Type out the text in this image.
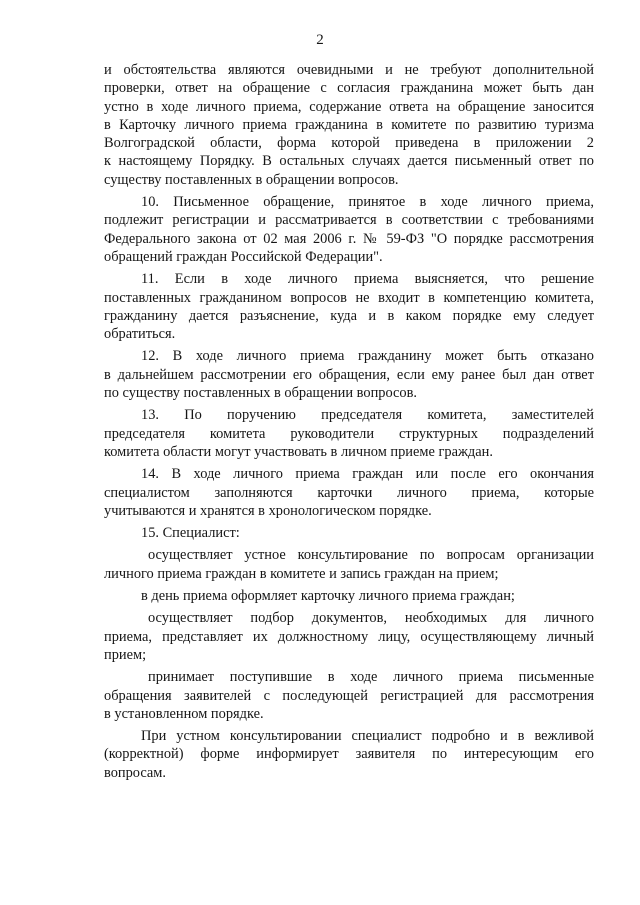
2
и обстоятельства являются очевидными и не требуют дополнительной
проверки, ответ на обращение с согласия гражданина может быть дан
устно в ходе личного приема, содержание ответа на обращение заносится
в Карточку личного приема гражданина в комитете по развитию туризма
Волгоградской области, форма которой приведена в приложении 2
к настоящему Порядку. В остальных случаях дается письменный ответ по
существу поставленных в обращении вопросов.
10. Письменное обращение, принятое в ходе личного приема,
подлежит регистрации и рассматривается в соответствии с требованиями
Федерального закона от 02 мая 2006 г. № 59-ФЗ "О порядке рассмотрения
обращений граждан Российской Федерации".
11. Если в ходе личного приема выясняется, что решение
поставленных гражданином вопросов не входит в компетенцию комитета,
гражданину дается разъяснение, куда и в каком порядке ему следует
обратиться.
12. В ходе личного приема гражданину может быть отказано
в дальнейшем рассмотрении его обращения, если ему ранее был дан ответ
по существу поставленных в обращении вопросов.
13. По поручению председателя комитета, заместителей
председателя комитета руководители структурных подразделений
комитета области могут участвовать в личном приеме граждан.
14. В ходе личного приема граждан или после его окончания
специалистом заполняются карточки личного приема, которые
учитываются и хранятся в хронологическом порядке.
15. Специалист:
осуществляет устное консультирование по вопросам организации
личного приема граждан в комитете и запись граждан на прием;
в день приема оформляет карточку личного приема граждан;
осуществляет подбор документов, необходимых для личного
приема, представляет их должностному лицу, осуществляющему личный
прием;
принимает поступившие в ходе личного приема письменные
обращения заявителей с последующей регистрацией для рассмотрения
в установленном порядке.
При устном консультировании специалист подробно и в вежливой
(корректной) форме информирует заявителя по интересующим его
вопросам.
